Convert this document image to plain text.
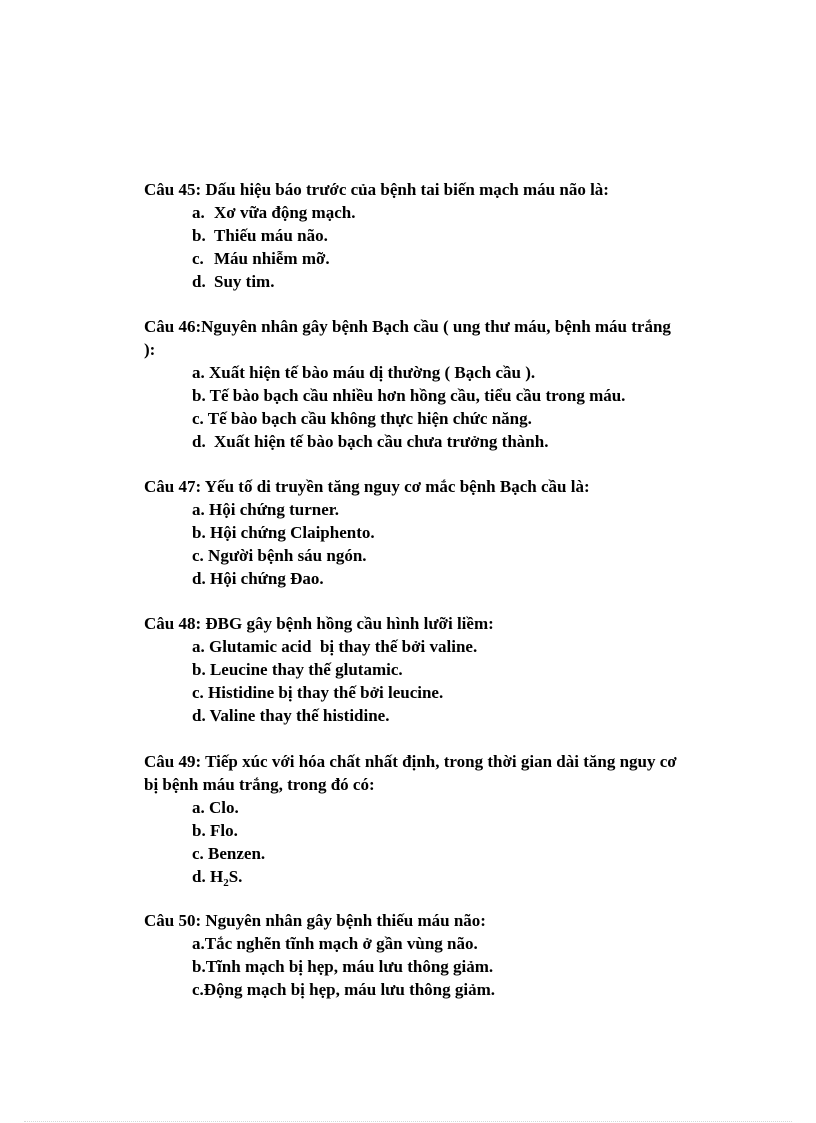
Câu 45: Dấu hiệu báo trước của bệnh tai biến mạch máu não là:

a. Xơ vữa động mạch.
b. Thiếu máu não.
c. Máu nhiễm mỡ.
d. Suy tim.

Câu 46:Nguyên nhân gây bệnh Bạch cầu ( ung thư máu, bệnh máu trắng ):

a. Xuất hiện tế bào máu dị thường ( Bạch cầu ).
b. Tế bào bạch cầu nhiều hơn hồng cầu, tiểu cầu trong máu.
c. Tế bào bạch cầu không thực hiện chức năng.
d. Xuất hiện tế bào bạch cầu chưa trưởng thành.

Câu 47: Yếu tố di truyền tăng nguy cơ mắc bệnh Bạch cầu là:

a. Hội chứng turner.
b. Hội chứng Claiphento.
c. Người bệnh sáu ngón.
d. Hội chứng Đao.

Câu 48: ĐBG gây bệnh hồng cầu hình lưỡi liềm:

a. Glutamic acid  bị thay thế bởi valine.
b. Leucine thay thế glutamic.
c. Histidine bị thay thế bởi leucine.
d. Valine thay thế histidine.

Câu 49: Tiếp xúc với hóa chất nhất định, trong thời gian dài tăng nguy cơ bị bệnh máu trắng, trong đó có:

a. Clo.
b. Flo.
c. Benzen.
d. $H_2S$.

Câu 50: Nguyên nhân gây bệnh thiếu máu não:

a.Tắc nghẽn tĩnh mạch ở gần vùng não.
b.Tĩnh mạch bị hẹp, máu lưu thông giảm.
c.Động mạch bị hẹp, máu lưu thông giảm.
